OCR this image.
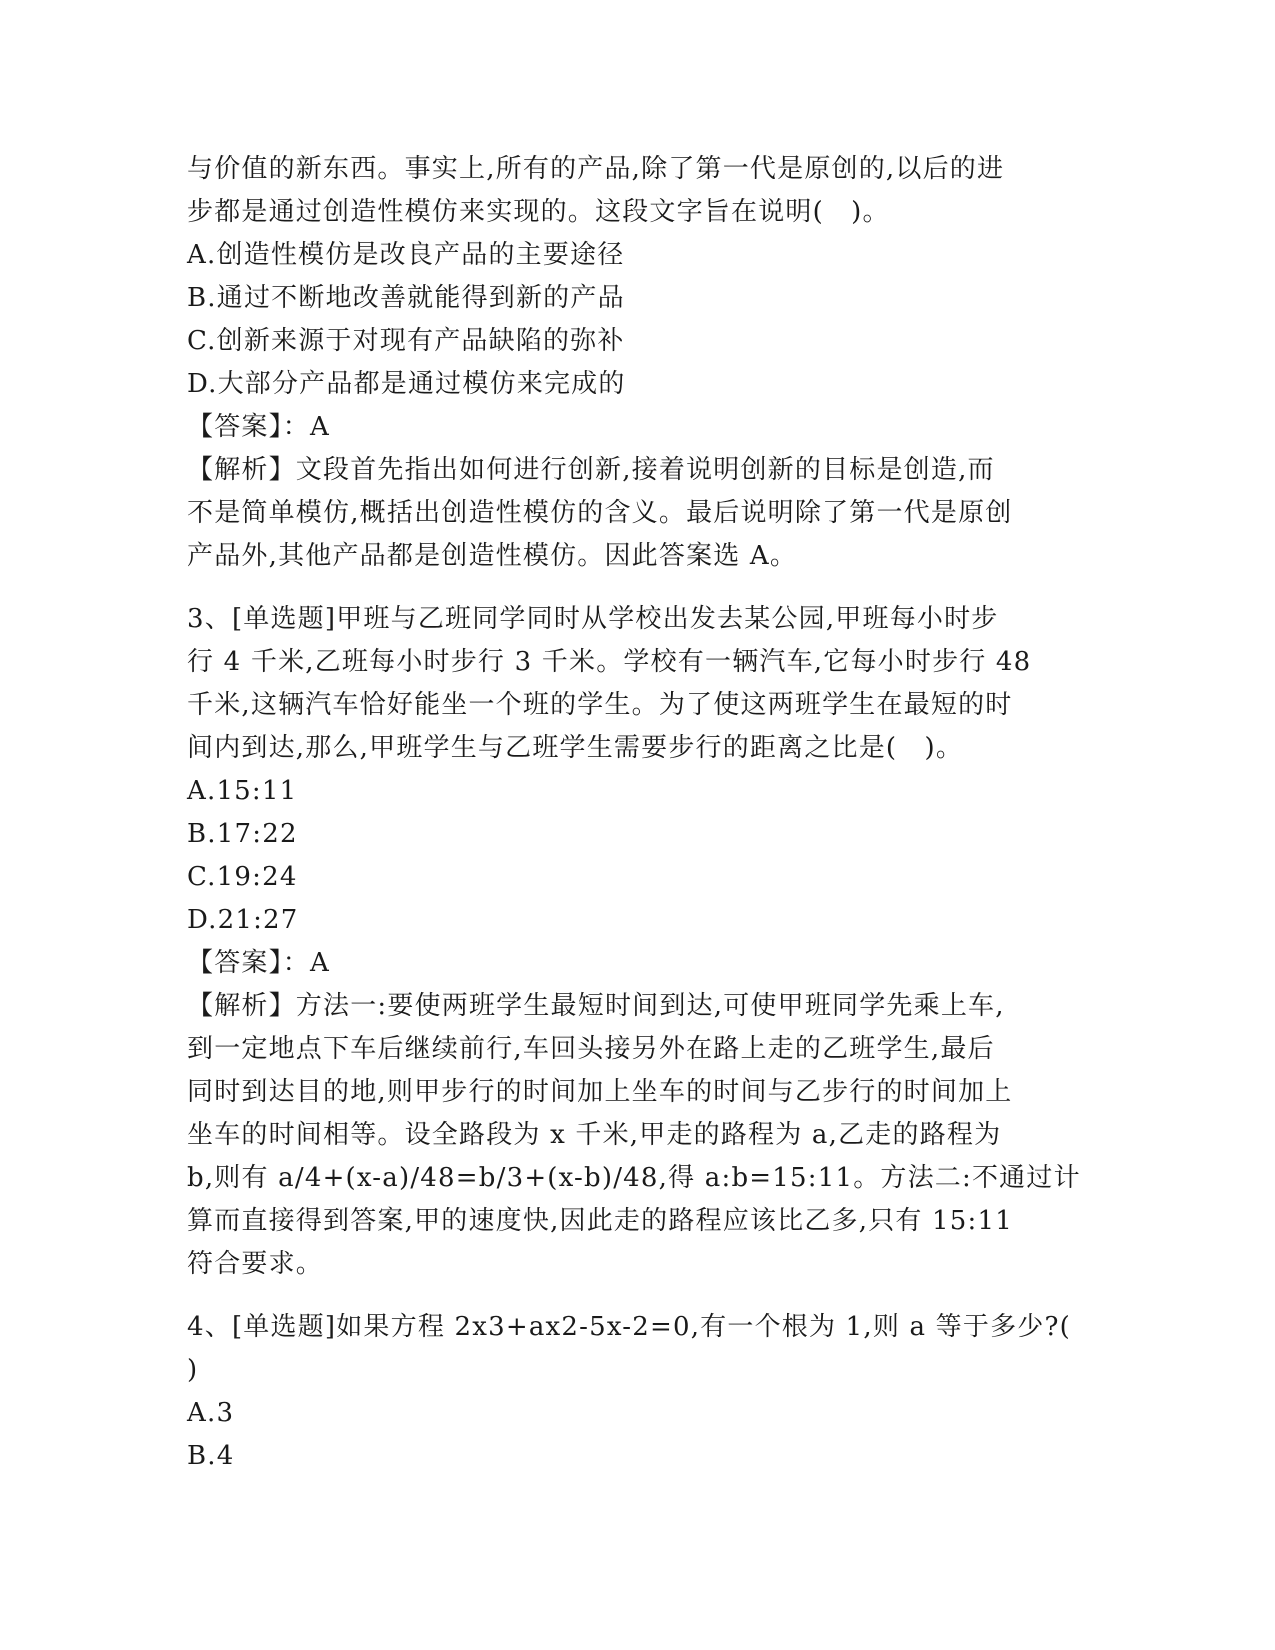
与价值的新东西。事实上,所有的产品,除了第一代是原创的,以后的进
步都是通过创造性模仿来实现的。这段文字旨在说明(　)。
A.创造性模仿是改良产品的主要途径
B.通过不断地改善就能得到新的产品
C.创新来源于对现有产品缺陷的弥补
D.大部分产品都是通过模仿来完成的
【答案】：A
【解析】文段首先指出如何进行创新,接着说明创新的目标是创造,而
不是简单模仿,概括出创造性模仿的含义。最后说明除了第一代是原创
产品外,其他产品都是创造性模仿。因此答案选 A。
3、[单选题]甲班与乙班同学同时从学校出发去某公园,甲班每小时步
行 4 千米,乙班每小时步行 3 千米。学校有一辆汽车,它每小时步行 48
千米,这辆汽车恰好能坐一个班的学生。为了使这两班学生在最短的时
间内到达,那么,甲班学生与乙班学生需要步行的距离之比是(　)。
A.15:11
B.17:22
C.19:24
D.21:27
【答案】：A
【解析】方法一:要使两班学生最短时间到达,可使甲班同学先乘上车,
到一定地点下车后继续前行,车回头接另外在路上走的乙班学生,最后
同时到达目的地,则甲步行的时间加上坐车的时间与乙步行的时间加上
坐车的时间相等。设全路段为 x 千米,甲走的路程为 a,乙走的路程为
b,则有 a/4+(x-a)/48=b/3+(x-b)/48,得 a:b=15:11。方法二:不通过计
算而直接得到答案,甲的速度快,因此走的路程应该比乙多,只有 15:11
符合要求。
4、[单选题]如果方程 2x3+ax2-5x-2=0,有一个根为 1,则 a 等于多少?(
)
A.3
B.4
